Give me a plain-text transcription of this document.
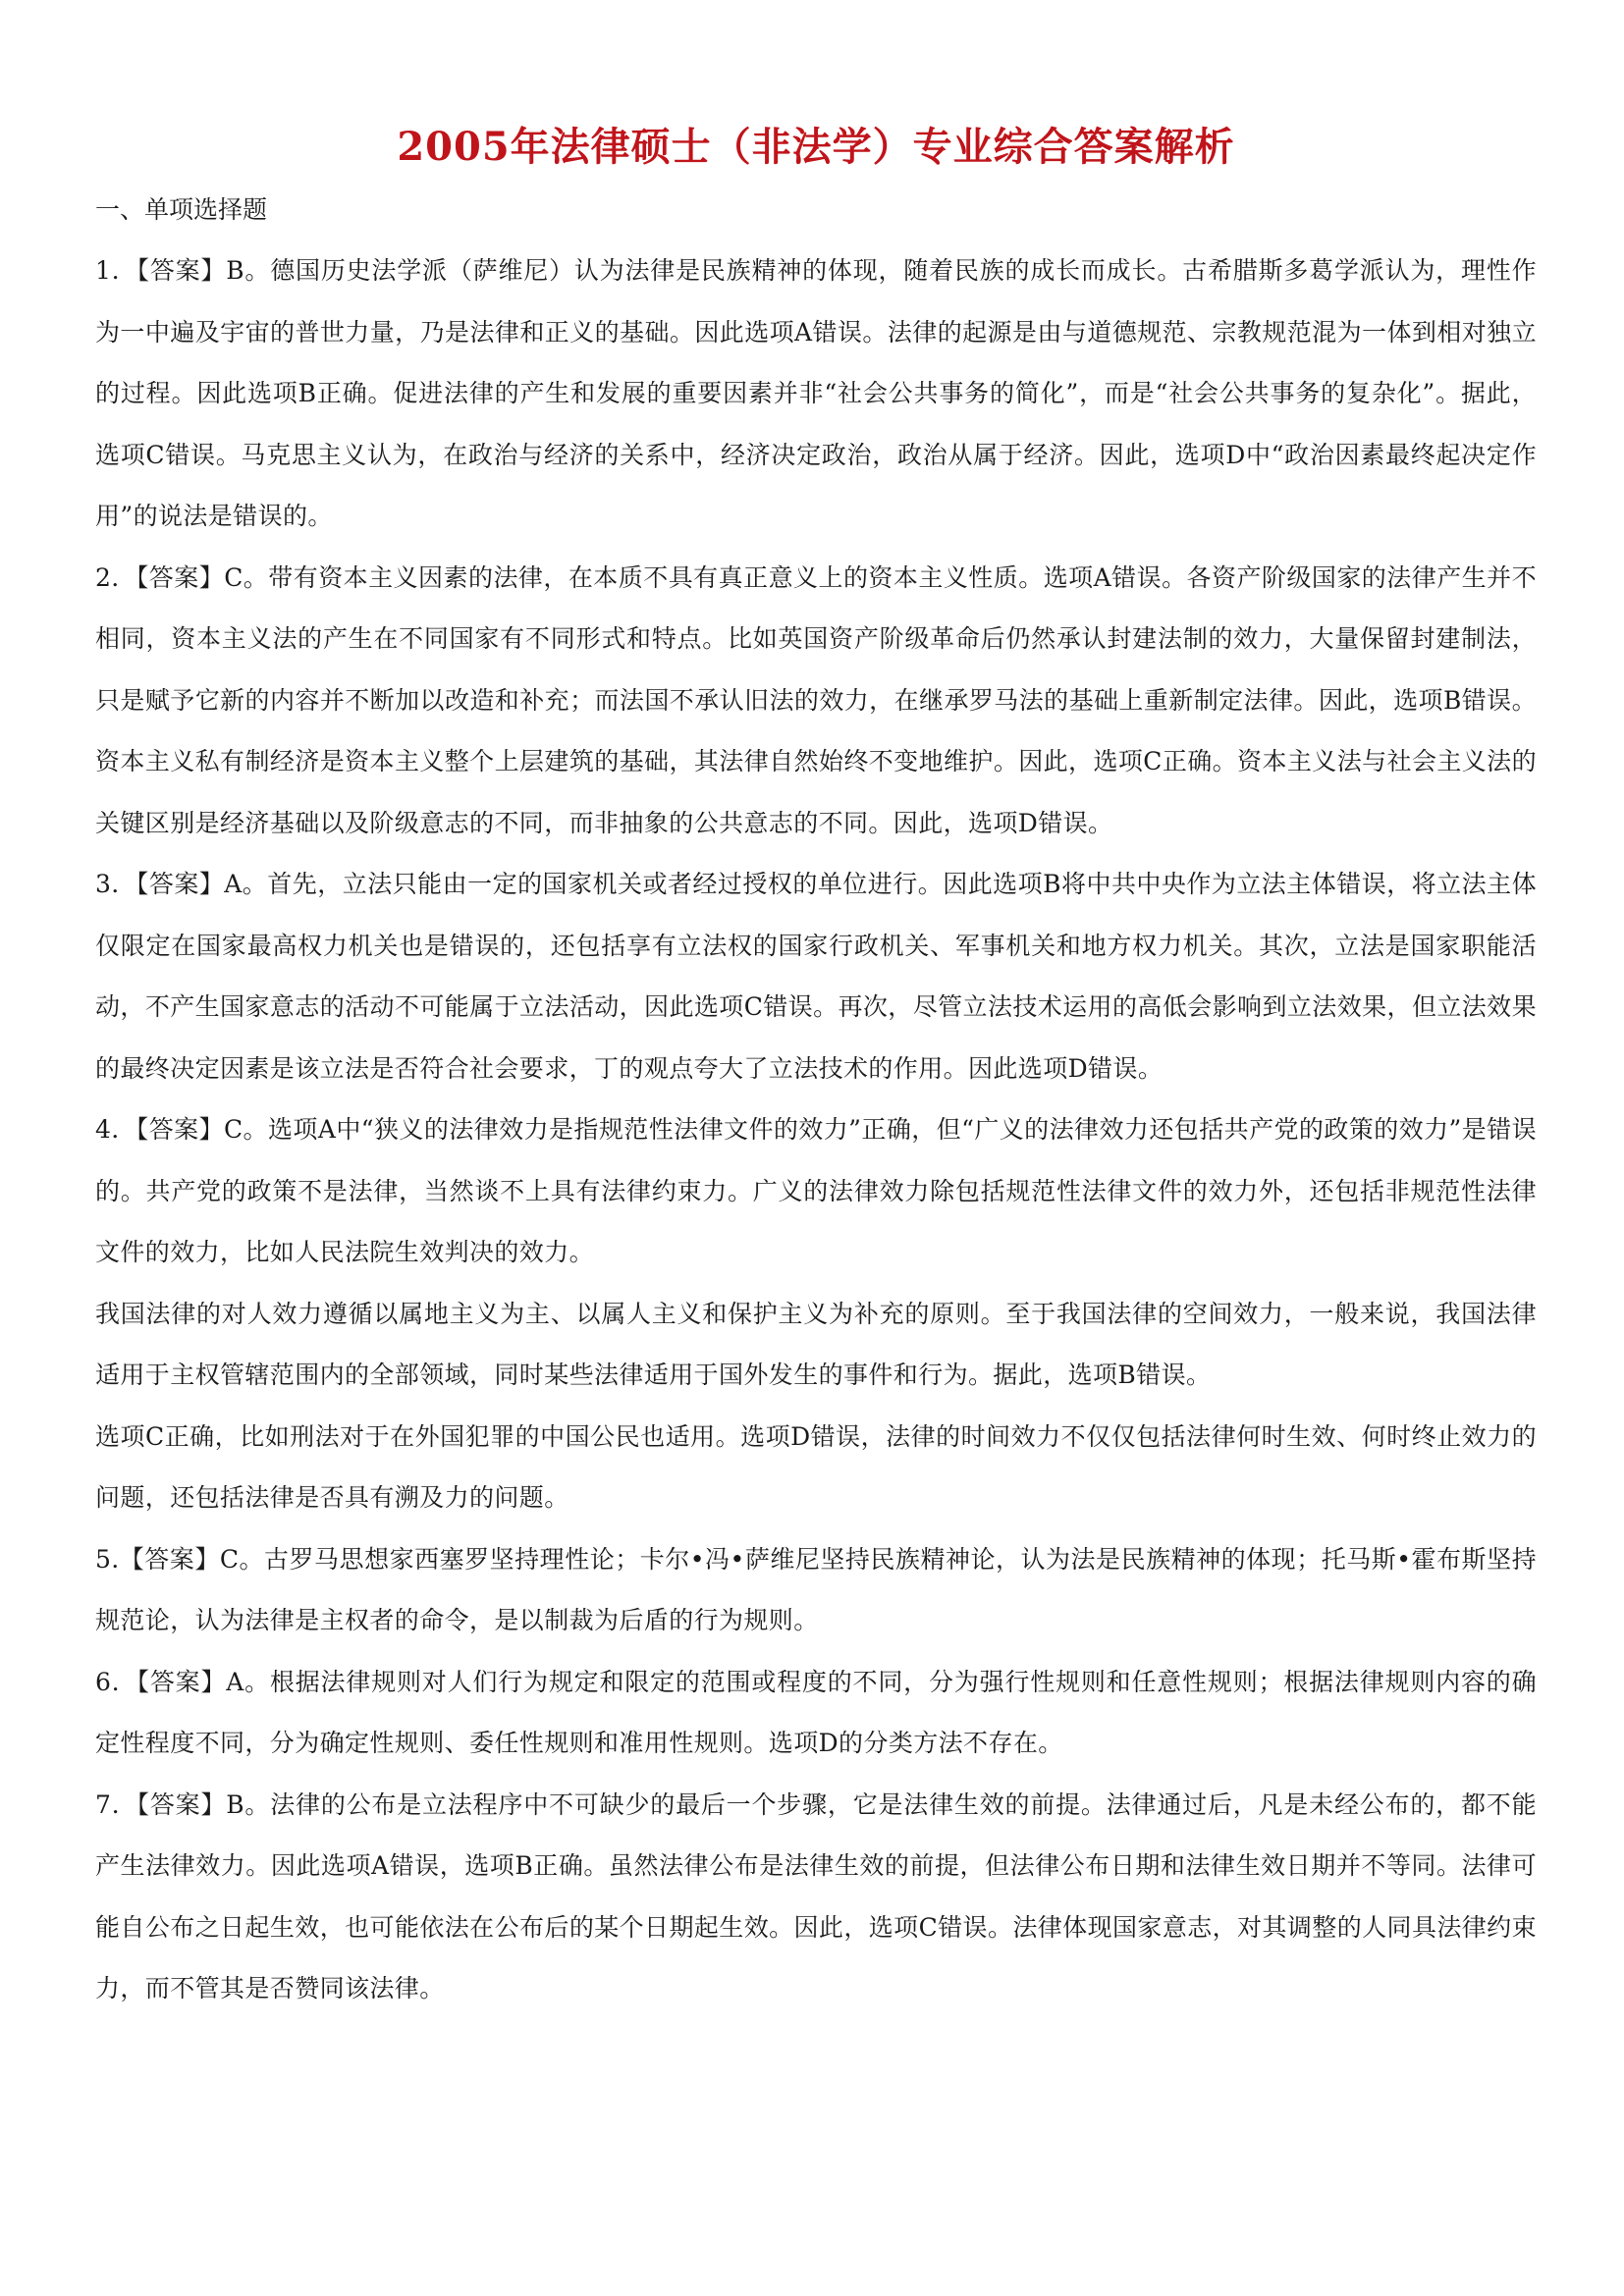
2005年法律硕士（非法学）专业综合答案解析
一、单项选择题

1．【答案】B。德国历史法学派（萨维尼）认为法律是民族精神的体现，随着民族的成长而成长。古希腊斯多葛学派认为，理性作为一中遍及宇宙的普世力量，乃是法律和正义的基础。因此选项A错误。法律的起源是由与道德规范、宗教规范混为一体到相对独立的过程。因此选项B正确。促进法律的产生和发展的重要因素并非“社会公共事务的简化”，而是“社会公共事务的复杂化”。据此，选项C错误。马克思主义认为，在政治与经济的关系中，经济决定政治，政治从属于经济。因此，选项D中“政治因素最终起决定作用”的说法是错误的。

2．【答案】C。带有资本主义因素的法律，在本质不具有真正意义上的资本主义性质。选项A错误。各资产阶级国家的法律产生并不相同，资本主义法的产生在不同国家有不同形式和特点。比如英国资产阶级革命后仍然承认封建法制的效力，大量保留封建制法，只是赋予它新的内容并不断加以改造和补充；而法国不承认旧法的效力，在继承罗马法的基础上重新制定法律。因此，选项B错误。资本主义私有制经济是资本主义整个上层建筑的基础，其法律自然始终不变地维护。因此，选项C正确。资本主义法与社会主义法的关键区别是经济基础以及阶级意志的不同，而非抽象的公共意志的不同。因此，选项D错误。

3．【答案】A。首先，立法只能由一定的国家机关或者经过授权的单位进行。因此选项B将中共中央作为立法主体错误，将立法主体仅限定在国家最高权力机关也是错误的，还包括享有立法权的国家行政机关、军事机关和地方权力机关。其次，立法是国家职能活动，不产生国家意志的活动不可能属于立法活动，因此选项C错误。再次，尽管立法技术运用的高低会影响到立法效果，但立法效果的最终决定因素是该立法是否符合社会要求，丁的观点夸大了立法技术的作用。因此选项D错误。

4．【答案】C。选项A中“狭义的法律效力是指规范性法律文件的效力”正确，但“广义的法律效力还包括共产党的政策的效力”是错误的。共产党的政策不是法律，当然谈不上具有法律约束力。广义的法律效力除包括规范性法律文件的效力外，还包括非规范性法律文件的效力，比如人民法院生效判决的效力。

我国法律的对人效力遵循以属地主义为主、以属人主义和保护主义为补充的原则。至于我国法律的空间效力，一般来说，我国法律适用于主权管辖范围内的全部领域，同时某些法律适用于国外发生的事件和行为。据此，选项B错误。

选项C正确，比如刑法对于在外国犯罪的中国公民也适用。选项D错误，法律的时间效力不仅仅包括法律何时生效、何时终止效力的问题，还包括法律是否具有溯及力的问题。

5.【答案】C。古罗马思想家西塞罗坚持理性论；卡尔•冯•萨维尼坚持民族精神论，认为法是民族精神的体现；托马斯•霍布斯坚持规范论，认为法律是主权者的命令，是以制裁为后盾的行为规则。

6．【答案】A。根据法律规则对人们行为规定和限定的范围或程度的不同，分为强行性规则和任意性规则；根据法律规则内容的确定性程度不同，分为确定性规则、委任性规则和准用性规则。选项D的分类方法不存在。

7．【答案】B。法律的公布是立法程序中不可缺少的最后一个步骤，它是法律生效的前提。法律通过后，凡是未经公布的，都不能产生法律效力。因此选项A错误，选项B正确。虽然法律公布是法律生效的前提，但法律公布日期和法律生效日期并不等同。法律可能自公布之日起生效，也可能依法在公布后的某个日期起生效。因此，选项C错误。法律体现国家意志，对其调整的人同具法律约束力，而不管其是否赞同该法律。
